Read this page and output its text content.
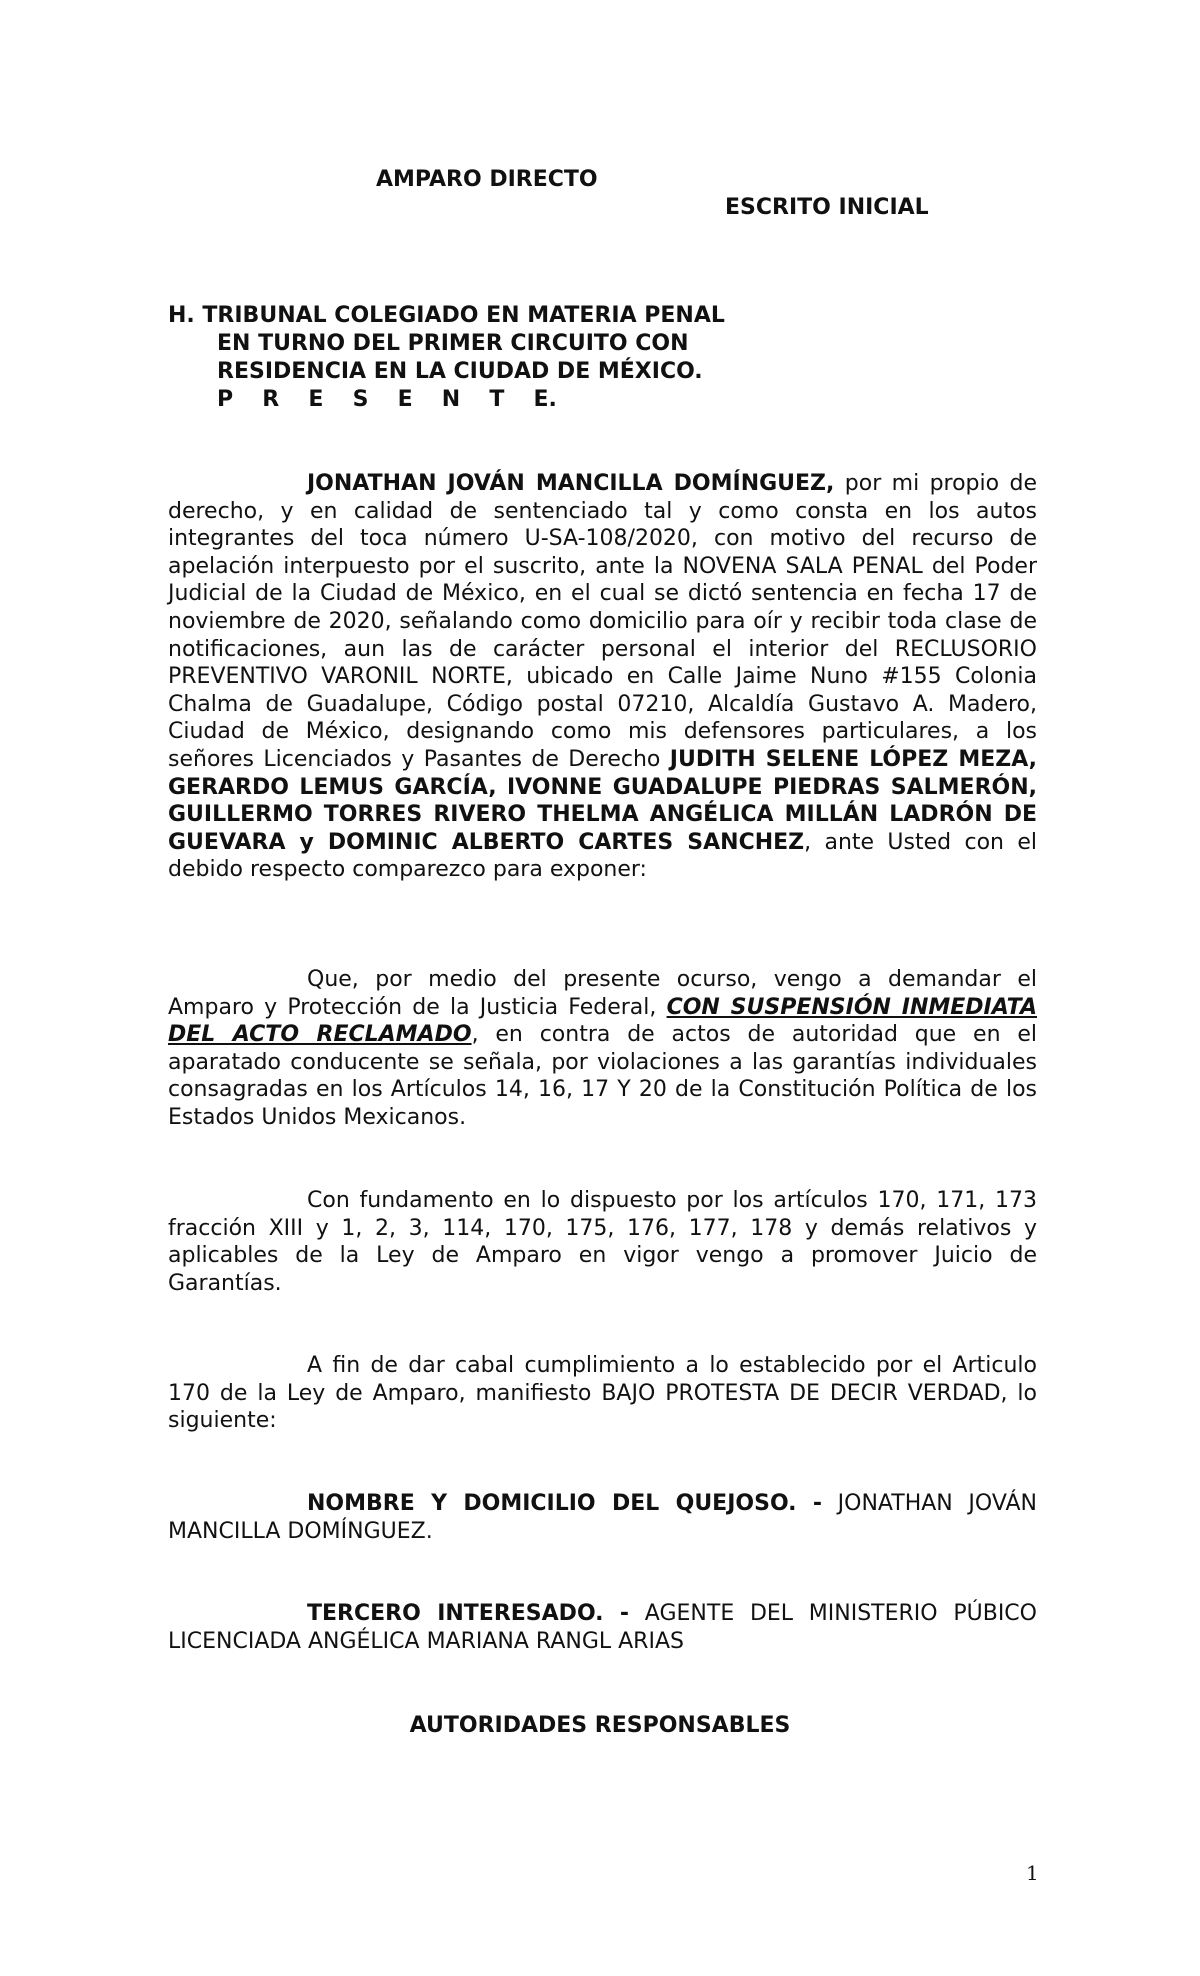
AMPARO DIRECTO
ESCRITO INICIAL
H. TRIBUNAL COLEGIADO EN MATERIA PENAL
EN TURNO DEL PRIMER CIRCUITO CON
RESIDENCIA EN LA CIUDAD DE MÉXICO.
P R E S E N T E.

JONATHAN JOVÁN MANCILLA DOMÍNGUEZ, por mi propio de derecho, y en calidad de sentenciado tal y como consta en los autos integrantes del toca número U-SA-108/2020, con motivo del recurso de apelación interpuesto por el suscrito, ante la NOVENA SALA PENAL del Poder Judicial de la Ciudad de México, en el cual se dictó sentencia en fecha 17 de noviembre de 2020, señalando como domicilio para oír y recibir toda clase de notificaciones, aun las de carácter personal el interior del RECLUSORIO PREVENTIVO VARONIL NORTE, ubicado en Calle Jaime Nuno #155 Colonia Chalma de Guadalupe, Código postal 07210, Alcaldía Gustavo A. Madero, Ciudad de México, designando como mis defensores particulares, a los señores Licenciados y Pasantes de Derecho JUDITH SELENE LÓPEZ MEZA, GERARDO LEMUS GARCÍA, IVONNE GUADALUPE PIEDRAS SALMERÓN, GUILLERMO TORRES RIVERO THELMA ANGÉLICA MILLÁN LADRÓN DE GUEVARA y DOMINIC ALBERTO CARTES SANCHEZ, ante Usted con el debido respecto comparezco para exponer:

Que, por medio del presente ocurso, vengo a demandar el Amparo y Protección de la Justicia Federal, CON SUSPENSIÓN INMEDIATA DEL ACTO RECLAMADO, en contra de actos de autoridad que en el aparatado conducente se señala, por violaciones a las garantías individuales consagradas en los Artículos 14, 16, 17 Y 20 de la Constitución Política de los Estados Unidos Mexicanos.

Con fundamento en lo dispuesto por los artículos 170, 171, 173 fracción XIII y 1, 2, 3, 114, 170, 175, 176, 177, 178 y demás relativos y aplicables de la Ley de Amparo en vigor vengo a promover Juicio de Garantías.

A fin de dar cabal cumplimiento a lo establecido por el Articulo 170 de la Ley de Amparo, manifiesto BAJO PROTESTA DE DECIR VERDAD, lo siguiente:

NOMBRE Y DOMICILIO DEL QUEJOSO. - JONATHAN JOVÁN MANCILLA DOMÍNGUEZ.

TERCERO INTERESADO. - AGENTE DEL MINISTERIO PÚBICO LICENCIADA ANGÉLICA MARIANA RANGL ARIAS

AUTORIDADES RESPONSABLES
1
